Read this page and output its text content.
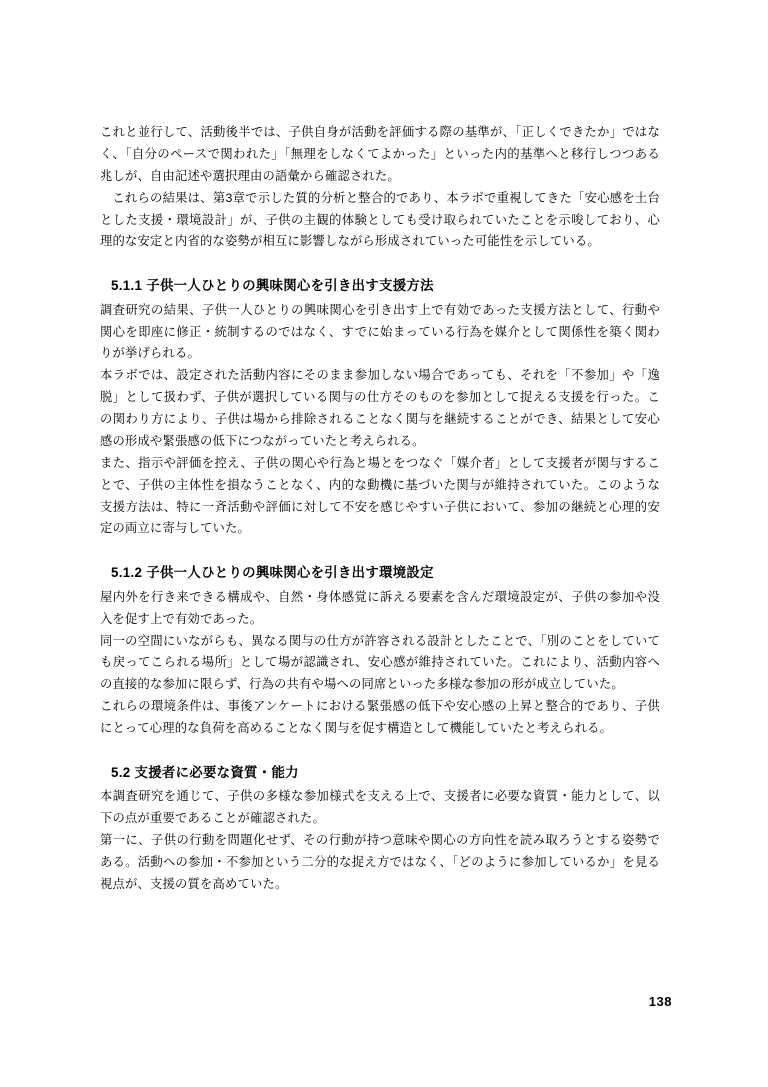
これと並行して、活動後半では、子供自身が活動を評価する際の基準が、「正しくできたか」ではなく、「自分のペースで関われた」「無理をしなくてよかった」といった内的基準へと移行しつつある兆しが、自由記述や選択理由の語彙から確認された。

これらの結果は、第3章で示した質的分析と整合的であり、本ラボで重視してきた「安心感を土台とした支援・環境設計」が、子供の主観的体験としても受け取られていたことを示唆しており、心理的な安定と内省的な姿勢が相互に影響しながら形成されていった可能性を示している。

5.1.1 子供一人ひとりの興味関心を引き出す支援方法

調査研究の結果、子供一人ひとりの興味関心を引き出す上で有効であった支援方法として、行動や関心を即座に修正・統制するのではなく、すでに始まっている行為を媒介として関係性を築く関わりが挙げられる。

本ラボでは、設定された活動内容にそのまま参加しない場合であっても、それを「不参加」や「逸脱」として扱わず、子供が選択している関与の仕方そのものを参加として捉える支援を行った。この関わり方により、子供は場から排除されることなく関与を継続することができ、結果として安心感の形成や緊張感の低下につながっていたと考えられる。

また、指示や評価を控え、子供の関心や行為と場とをつなぐ「媒介者」として支援者が関与することで、子供の主体性を損なうことなく、内的な動機に基づいた関与が維持されていた。このような支援方法は、特に一斉活動や評価に対して不安を感じやすい子供において、参加の継続と心理的安定の両立に寄与していた。

5.1.2 子供一人ひとりの興味関心を引き出す環境設定

屋内外を行き来できる構成や、自然・身体感覚に訴える要素を含んだ環境設定が、子供の参加や没入を促す上で有効であった。

同一の空間にいながらも、異なる関与の仕方が許容される設計としたことで、「別のことをしていても戻ってこられる場所」として場が認識され、安心感が維持されていた。これにより、活動内容への直接的な参加に限らず、行為の共有や場への同席といった多様な参加の形が成立していた。

これらの環境条件は、事後アンケートにおける緊張感の低下や安心感の上昇と整合的であり、子供にとって心理的な負荷を高めることなく関与を促す構造として機能していたと考えられる。

5.2 支援者に必要な資質・能力

本調査研究を通じて、子供の多様な参加様式を支える上で、支援者に必要な資質・能力として、以下の点が重要であることが確認された。

第一に、子供の行動を問題化せず、その行動が持つ意味や関心の方向性を読み取ろうとする姿勢である。活動への参加・不参加という二分的な捉え方ではなく、「どのように参加しているか」を見る視点が、支援の質を高めていた。

138
